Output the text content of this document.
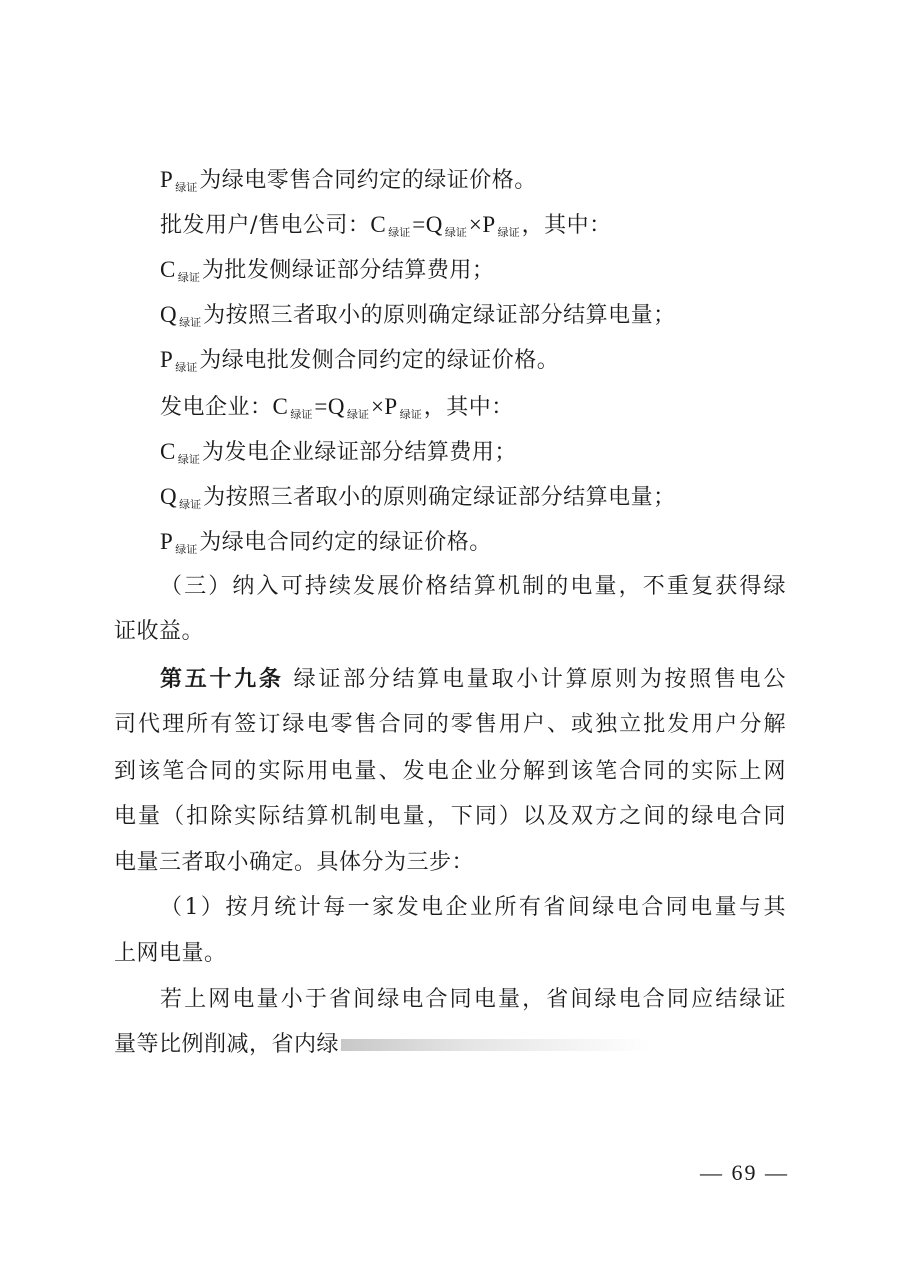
P $_{绿证}$为绿电零售合同约定的绿证价格。
批发用户/售电公司：C $_{绿证}$=Q $_{绿证}$×P $_{绿证}$，其中：
C $_{绿证}$为批发侧绿证部分结算费用；
Q $_{绿证}$为按照三者取小的原则确定绿证部分结算电量；
P $_{绿证}$为绿电批发侧合同约定的绿证价格。
发电企业：C $_{绿证}$=Q $_{绿证}$×P $_{绿证}$，其中：
C $_{绿证}$为发电企业绿证部分结算费用；
Q $_{绿证}$为按照三者取小的原则确定绿证部分结算电量；
P $_{绿证}$为绿电合同约定的绿证价格。
（三）纳入可持续发展价格结算机制的电量，不重复获得绿
证收益。
第五十九条 绿证部分结算电量取小计算原则为按照售电公
司代理所有签订绿电零售合同的零售用户、或独立批发用户分解
到该笔合同的实际用电量、发电企业分解到该笔合同的实际上网
电量（扣除实际结算机制电量，下同）以及双方之间的绿电合同
电量三者取小确定。具体分为三步：
（1）按月统计每一家发电企业所有省间绿电合同电量与其
上网电量。
若上网电量小于省间绿电合同电量，省间绿电合同应结绿证
量等比例削减，省内绿
— 69 —
